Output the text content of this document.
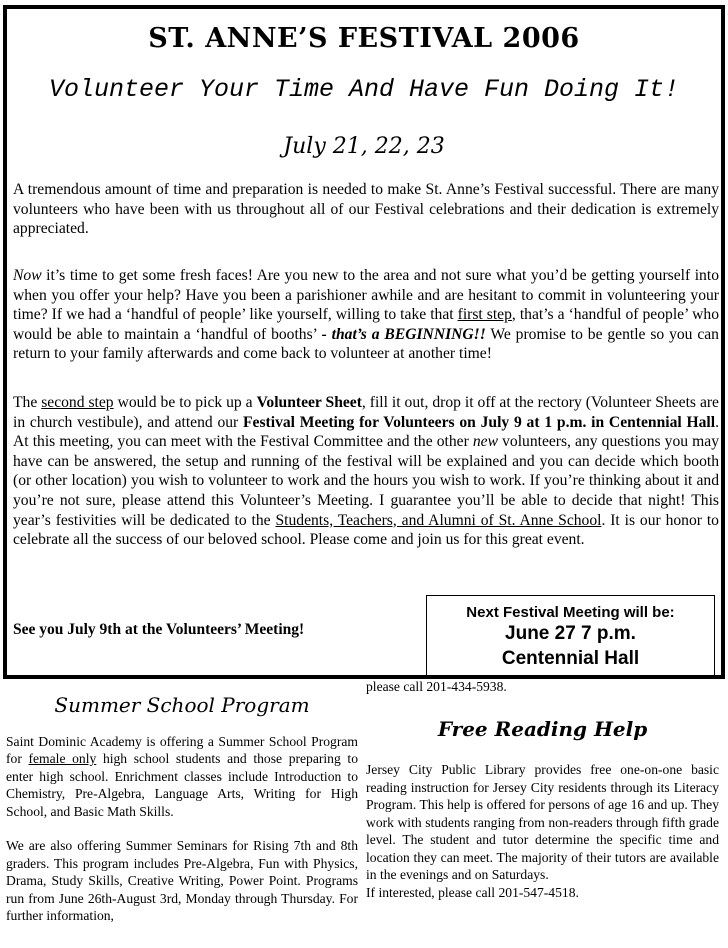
ST. ANNE’S FESTIVAL 2006
Volunteer Your Time And Have Fun Doing It!
July 21, 22, 23
A tremendous amount of time and preparation is needed to make St. Anne’s Festival successful. There are many volunteers who have been with us throughout all of our Festival celebrations and their dedication is extremely appreciated.
Now it’s time to get some fresh faces! Are you new to the area and not sure what you’d be getting yourself into when you offer your help? Have you been a parishioner awhile and are hesitant to commit in volunteering your time? If we had a ‘handful of people’ like yourself, willing to take that first step, that’s a ‘handful of people’ who would be able to maintain a ‘handful of booths’ - that’s a BEGINNING!! We promise to be gentle so you can return to your family afterwards and come back to volunteer at another time!
The second step would be to pick up a Volunteer Sheet, fill it out, drop it off at the rectory (Volunteer Sheets are in church vestibule), and attend our Festival Meeting for Volunteers on July 9 at 1 p.m. in Centennial Hall. At this meeting, you can meet with the Festival Committee and the other new volunteers, any questions you may have can be answered, the setup and running of the festival will be explained and you can decide which booth (or other location) you wish to volunteer to work and the hours you wish to work. If you’re thinking about it and you’re not sure, please attend this Volunteer’s Meeting. I guarantee you’ll be able to decide that night! This year’s festivities will be dedicated to the Students, Teachers, and Alumni of St. Anne School. It is our honor to celebrate all the success of our beloved school. Please come and join us for this great event.
See you July 9th at the Volunteers’ Meeting!
Next Festival Meeting will be:
June 27 7 p.m.
Centennial Hall
Summer School Program
Saint Dominic Academy is offering a Summer School Program for female only high school students and those preparing to enter high school. Enrichment classes include Introduction to Chemistry, Pre-Algebra, Language Arts, Writing for High School, and Basic Math Skills.
We are also offering Summer Seminars for Rising 7th and 8th graders. This program includes Pre-Algebra, Fun with Physics, Drama, Study Skills, Creative Writing, Power Point. Programs run from June 26th-August 3rd, Monday through Thursday. For further information,
please call 201-434-5938.
Free Reading Help
Jersey City Public Library provides free one-on-one basic reading instruction for Jersey City residents through its Literacy Program. This help is offered for persons of age 16 and up. They work with students ranging from non-readers through fifth grade level. The student and tutor determine the specific time and location they can meet. The majority of their tutors are available in the evenings and on Saturdays.
If interested, please call 201-547-4518.
